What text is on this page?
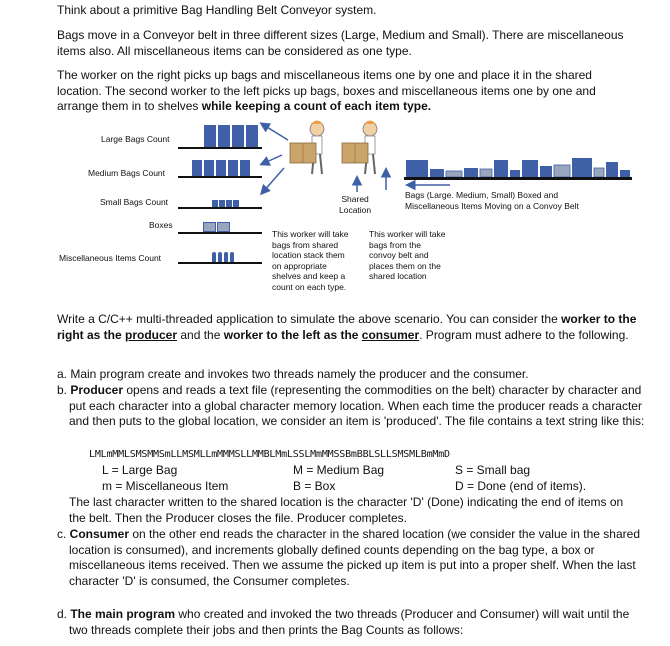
Think about a primitive Bag Handling Belt Conveyor system.

Bags move in a Conveyor belt in three different sizes (Large, Medium and Small). There are miscellaneous items also. All miscellaneous items can be considered as one type.

The worker on the right picks up bags and miscellaneous items one by one and place it in the shared location. The second worker to the left picks up bags, boxes and miscellaneous items one by one and arrange them in to shelves while keeping a count of each item type.

Large Bags Count
Medium Bags Count
Small Bags Count
Boxes
Miscellaneous Items Count
Shared
Location
Bags (Large. Medium, Small) Boxed and
Miscellaneous Items Moving on a Convoy Belt
This worker will take
bags from shared
location stack them
on appropriate
shelves and keep a
count on each type.
This worker will take
bags from the
convoy belt and
places them on the
shared location

Write a C/C++ multi-threaded application to simulate the above scenario. You can consider the worker to the right as the producer and the worker to the left as the consumer. Program must adhere to the following.

a. Main program create and invokes two threads namely the producer and the consumer.

b. Producer opens and reads a text file (representing the commodities on the belt) character by character and put each character into a global character memory location. When each time the producer reads a character and then puts to the global location, we consider an item is 'produced'. The file contains a text string like this:

LMLmMMLSMSMMSmLLMSMLLmMMMSLLMMBLMmLSSLMmMMSSBmBBLSLLSMSMLBmMmD
L = Large Bag	M = Medium Bag	S = Small bag
m = Miscellaneous Item	B = Box	D = Done (end of items).

The last character written to the shared location is the character 'D' (Done) indicating the end of items on the belt. Then the Producer closes the file. Producer completes.

c. Consumer on the other end reads the character in the shared location (we consider the value in the shared location is consumed), and increments globally defined counts depending on the bag type, a box or miscellaneous items received. Then we assume the picked up item is put into a proper shelf. When the last character 'D' is consumed, the Consumer completes.

d. The main program who created and invoked the two threads (Producer and Consumer) will wait until the two threads complete their jobs and then prints the Bag Counts as follows:
